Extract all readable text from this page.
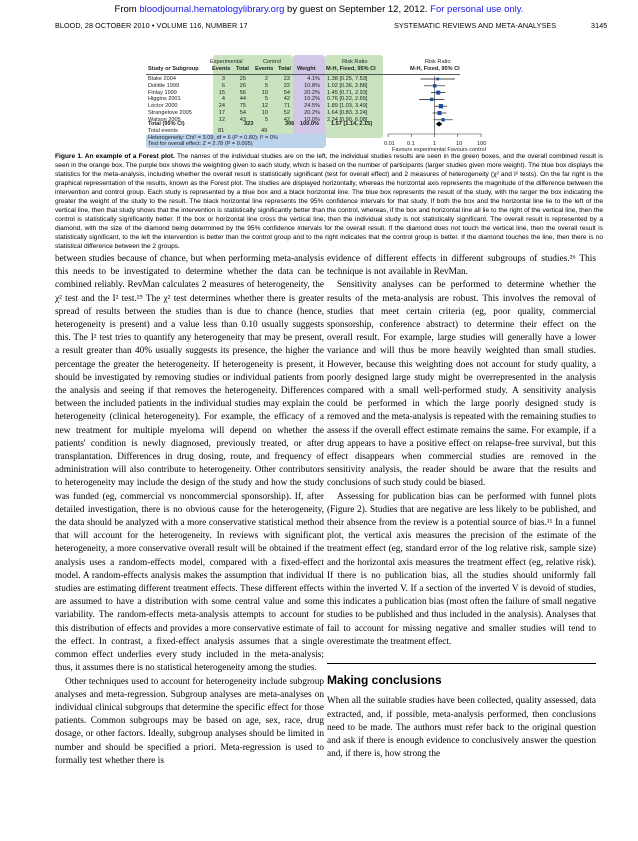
From bloodjournal.hematologylibrary.org by guest on September 12, 2012. For personal use only.
BLOOD, 28 OCTOBER 2010 • VOLUME 116, NUMBER 17	SYSTEMATIC REVIEWS AND META-ANALYSES	3145
Experimental	Control	Risk Ratio	Risk Ratio
Study or Subgroup Events Total Events Total Weight M-H, Fixed, 95% CI	M-H, Fixed, 95% CI
Blake 2004	3	25	2	23	4.1% 1.38 [0.25, 7.53]
Dolittle 1999	6	26	5	22	10.8% 1.02 [0.36, 2.88]
Finlay 1999	15	56	10	54	20.2% 1.45 [0.71, 2.93]
Higgins 2001	4	44	5	42	10.2% 0.76 [0.22, 2.65]
Lector 2000	24	75	12	71	24.5% 1.89 [1.03, 3.49]
Strangelove 2005	17	54	10	52	20.2% 1.64 [0.83, 3.24]
Watson 2005	12	43	5	42	10.0% 2.34 [0.90, 6.08]
Total (95% CI)	323	306 100.0% 1.57 [1.14, 2.15]
Total events	81	49
Heterogeneity: Chi² = 3.09, df = 6 (P = 0.80); I² = 0%
Test for overall effect: Z = 2.78 (P = 0.005)	0.01 0.1	1	10	100
Favours experimental Favours control
Figure 1. An example of a Forest plot. The names of the individual studies are on the left, the individual studies results are seen in the green boxes, and the overall combined result is seen in the orange box. The purple box shows the weighting given to each study, which is based on the number of participants (larger studies given more weight). The blue box displays the statistics for the meta-analysis, including whether the overall result is statistically significant (test for overall effect) and 2 measures of heterogeneity (χ² and I² tests). On the far right is the graphical representation of the results, known as the Forest plot. The studies are displayed horizontally, whereas the horizontal axis represents the magnitude of the difference between the intervention and control group. Each study is represented by a blue box and a black horizontal line. The blue box represents the result of the study, with the larger the box indicating the greater the weight of the study to the result. The black horizontal line represents the 95% confidence intervals for that study. If both the box and the horizontal line lie to the left of the vertical line, then that study shows that the intervention is statistically significantly better than the control, whereas, if the box and horizontal line all lie to the right of the vertical line, then the control is statistically significantly better. If the box or horizontal line cross the vertical line, then the individual study is not statistically significant. The overall result is represented by a diamond, with the size of the diamond being determined by the 95% confidence intervals for the overall result. If the diamond does not touch the vertical line, then the overall result is statistically significant, to the left the intervention is better than the control group and to the right indicates that the control group is better. If the diamond touches the line, then there is no statistical difference between the 2 groups.

between studies because of chance, but when performing meta-analysis this needs to be investigated to determine whether the data can be combined reliably. RevMan calculates 2 measures of heterogeneity, the χ² test and the I² test.²⁵ The χ² test determines whether there is greater spread of results between the studies than is due to chance (hence, heterogeneity is present) and a value less than 0.10 usually suggests this. The I² test tries to quantify any heterogeneity that may be present, a result greater than 40% usually suggests its presence, the higher the percentage the greater the heterogeneity. If heterogeneity is present, it should be investigated by removing studies or individual patients from the analysis and seeing if that removes the heterogeneity. Differences between the included patients in the individual studies may explain the heterogeneity (clinical heterogeneity). For example, the efficacy of a new treatment for multiple myeloma will depend on whether the patients' condition is newly diagnosed, previously treated, or after transplantation. Differences in drug dosing, route, and frequency of administration will also contribute to heterogeneity. Other contributors to heterogeneity may include the design of the study and how the study was funded (eg, commercial vs noncommercial sponsorship). If, after detailed investigation, there is no obvious cause for the heterogeneity, the data should be analyzed with a more conservative statistical method that will account for the heterogeneity. In reviews with significant heterogeneity, a more conservative overall result will be obtained if the analysis uses a random-effects model, compared with a fixed-effect model. A random-effects analysis makes the assumption that individual studies are estimating different treatment effects. These different effects are assumed to have a distribution with some central value and some variability. The random-effects meta-analysis attempts to account for this distribution of effects and provides a more conservative estimate of the effect. In contrast, a fixed-effect analysis assumes that a single common effect underlies every study included in the meta-analysis; thus, it assumes there is no statistical heterogeneity among the studies.

Other techniques used to account for heterogeneity include subgroup analyses and meta-regression. Subgroup analyses are meta-analyses on individual clinical subgroups that determine the specific effect for those patients. Common subgroups may be based on age, sex, race, drug dosage, or other factors. Ideally, subgroup analyses should be limited in number and should be specified a priori. Meta-regression is used to formally test whether there is

evidence of different effects in different subgroups of studies.²⁶ This technique is not available in RevMan.

Sensitivity analyses can be performed to determine whether the results of the meta-analysis are robust. This involves the removal of studies that meet certain criteria (eg, poor quality, commercial sponsorship, conference abstract) to determine their effect on the overall result. For example, large studies will generally have a lower variance and will thus be more heavily weighted than small studies. However, because this weighting does not account for study quality, a poorly designed large study might be overrepresented in the analysis compared with a small well-performed study. A sensitivity analysis could be performed in which the large poorly designed study is removed and the meta-analysis is repeated with the remaining studies to assess if the overall effect estimate remains the same. For example, if a drug appears to have a positive effect on relapse-free survival, but this effect disappears when commercial studies are removed in the sensitivity analysis, the reader should be aware that the results and conclusions of such study could be biased.

Assessing for publication bias can be performed with funnel plots (Figure 2). Studies that are negative are less likely to be published, and their absence from the review is a potential source of bias.¹¹ In a funnel plot, the vertical axis measures the precision of the estimate of the treatment effect (eg, standard error of the log relative risk, sample size) and the horizontal axis measures the treatment effect (eg, relative risk). If there is no publication bias, all the studies should uniformly fall within the inverted V. If a section of the inverted V is devoid of studies, this indicates a publication bias (most often the failure of small negative studies to be published and thus included in the analysis). Analyses that fail to account for missing negative and smaller studies will tend to overestimate the treatment effect.

Making conclusions

When all the suitable studies have been collected, quality assessed, data extracted, and, if possible, meta-analysis performed, then conclusions need to be made. The authors must refer back to the original question and ask if there is enough evidence to conclusively answer the question and, if there is, how strong the
